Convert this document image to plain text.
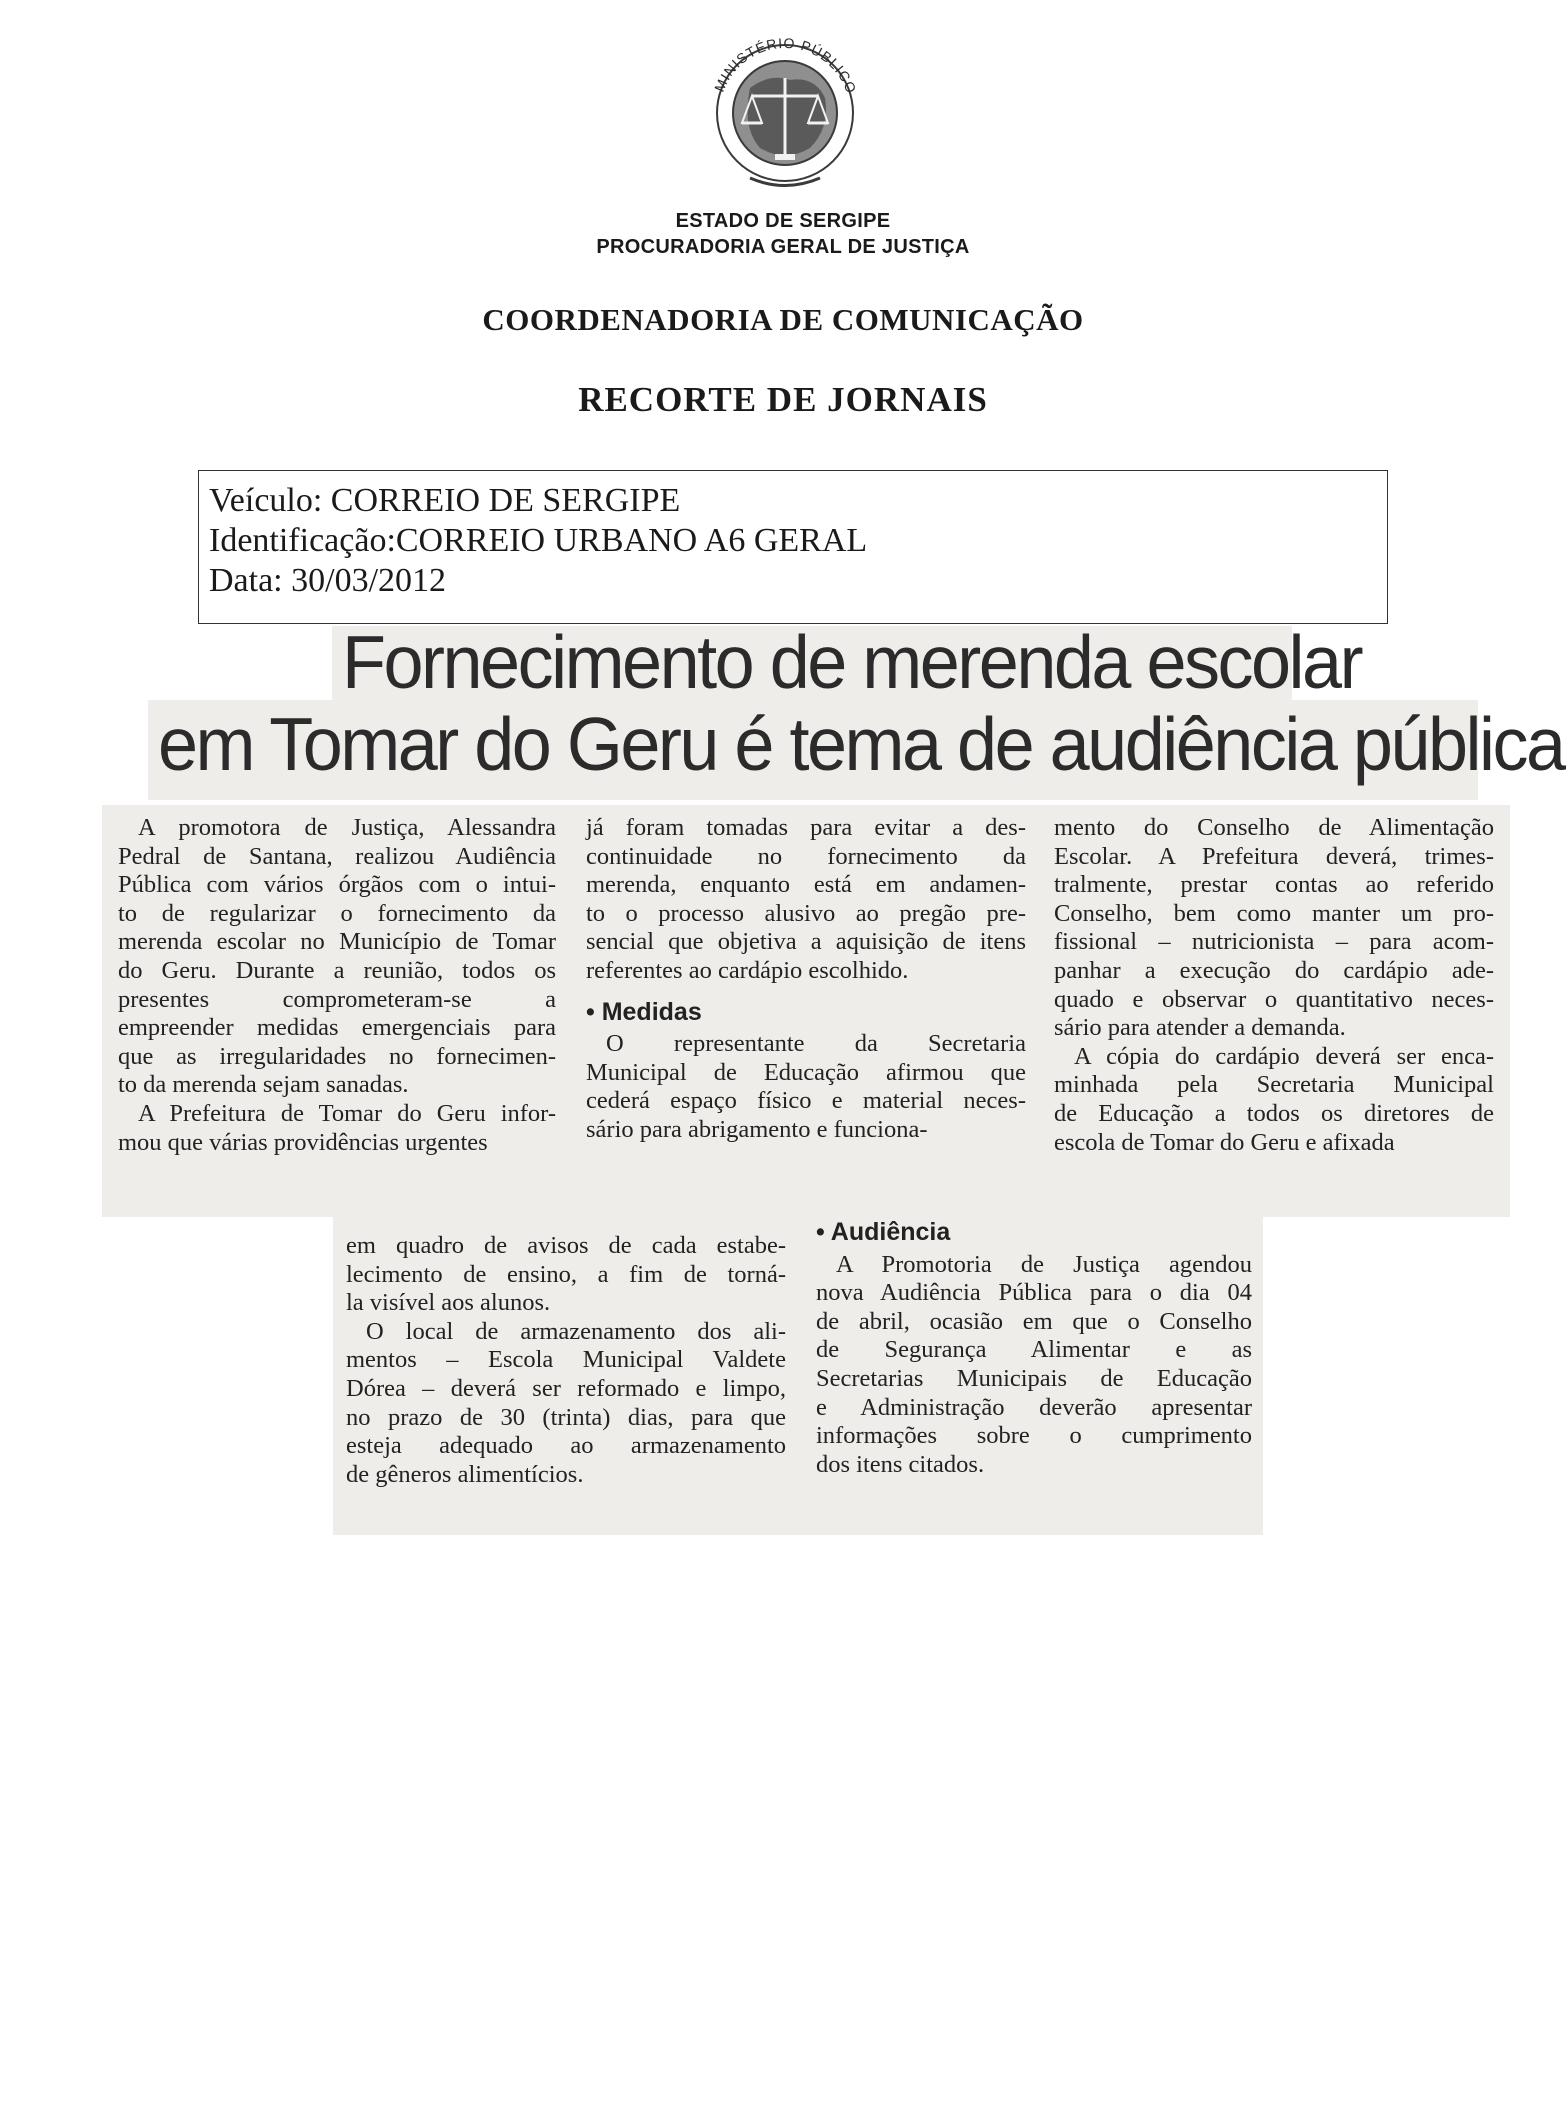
MINISTÉRIO PÚBLICO
ESTADO DE SERGIPE
PROCURADORIA GERAL DE JUSTIÇA
COORDENADORIA DE COMUNICAÇÃO
RECORTE DE JORNAIS
Veículo: CORREIO DE SERGIPE
Identificação:CORREIO URBANO A6 GERAL
Data: 30/03/2012
Fornecimento de merenda escolar
em Tomar do Geru é tema de audiência pública
A promotora de Justiça, Alessandra
Pedral de Santana, realizou Audiência
Pública com vários órgãos com o intui-
to de regularizar o fornecimento da
merenda escolar no Município de Tomar
do Geru. Durante a reunião, todos os
presentes comprometeram-se a
empreender medidas emergenciais para
que as irregularidades no fornecimen-
to da merenda sejam sanadas.
A Prefeitura de Tomar do Geru infor-
mou que várias providências urgentes
já foram tomadas para evitar a des-
continuidade no fornecimento da
merenda, enquanto está em andamen-
to o processo alusivo ao pregão pre-
sencial que objetiva a aquisição de itens
referentes ao cardápio escolhido.
• Medidas
O representante da Secretaria
Municipal de Educação afirmou que
cederá espaço físico e material neces-
sário para abrigamento e funciona-
mento do Conselho de Alimentação
Escolar. A Prefeitura deverá, trimes-
tralmente, prestar contas ao referido
Conselho, bem como manter um pro-
fissional – nutricionista – para acom-
panhar a execução do cardápio ade-
quado e observar o quantitativo neces-
sário para atender a demanda.
A cópia do cardápio deverá ser enca-
minhada pela Secretaria Municipal
de Educação a todos os diretores de
escola de Tomar do Geru e afixada
em quadro de avisos de cada estabe-
lecimento de ensino, a fim de torná-
la visível aos alunos.
O local de armazenamento dos ali-
mentos – Escola Municipal Valdete
Dórea – deverá ser reformado e limpo,
no prazo de 30 (trinta) dias, para que
esteja adequado ao armazenamento
de gêneros alimentícios.
• Audiência
A Promotoria de Justiça agendou
nova Audiência Pública para o dia 04
de abril, ocasião em que o Conselho
de Segurança Alimentar e as
Secretarias Municipais de Educação
e Administração deverão apresentar
informações sobre o cumprimento
dos itens citados.
